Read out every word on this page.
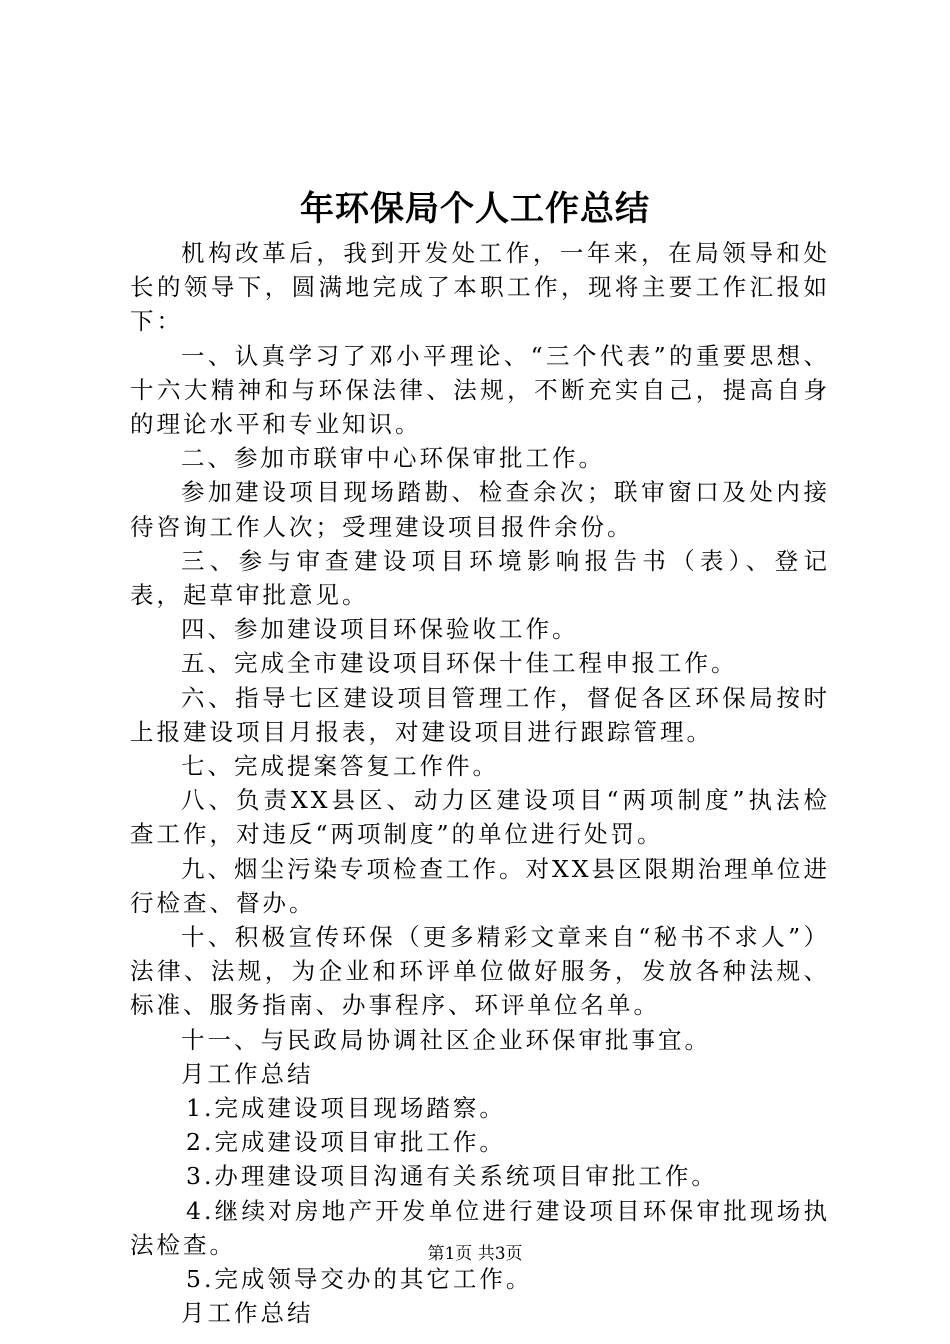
年环保局个人工作总结

机构改革后，我到开发处工作，一年来，在局领导和处长的领导下，圆满地完成了本职工作，现将主要工作汇报如下：

一、认真学习了邓小平理论、“三个代表”的重要思想、十六大精神和与环保法律、法规，不断充实自己，提高自身的理论水平和专业知识。

二、参加市联审中心环保审批工作。

参加建设项目现场踏勘、检查余次；联审窗口及处内接待咨询工作人次；受理建设项目报件余份。

三、参与审查建设项目环境影响报告书（表）、登记表，起草审批意见。

四、参加建设项目环保验收工作。

五、完成全市建设项目环保十佳工程申报工作。

六、指导七区建设项目管理工作，督促各区环保局按时上报建设项目月报表，对建设项目进行跟踪管理。

七、完成提案答复工作件。

八、负责XX县区、动力区建设项目“两项制度”执法检查工作，对违反“两项制度”的单位进行处罚。

九、烟尘污染专项检查工作。对XX县区限期治理单位进行检查、督办。

十、积极宣传环保（更多精彩文章来自“秘书不求人”）法律、法规，为企业和环评单位做好服务，发放各种法规、标准、服务指南、办事程序、环评单位名单。

十一、与民政局协调社区企业环保审批事宜。

月工作总结

1.完成建设项目现场踏察。

2.完成建设项目审批工作。

3.办理建设项目沟通有关系统项目审批工作。

4.继续对房地产开发单位进行建设项目环保审批现场执法检查。

5.完成领导交办的其它工作。

月工作总结

第1页 共3页
